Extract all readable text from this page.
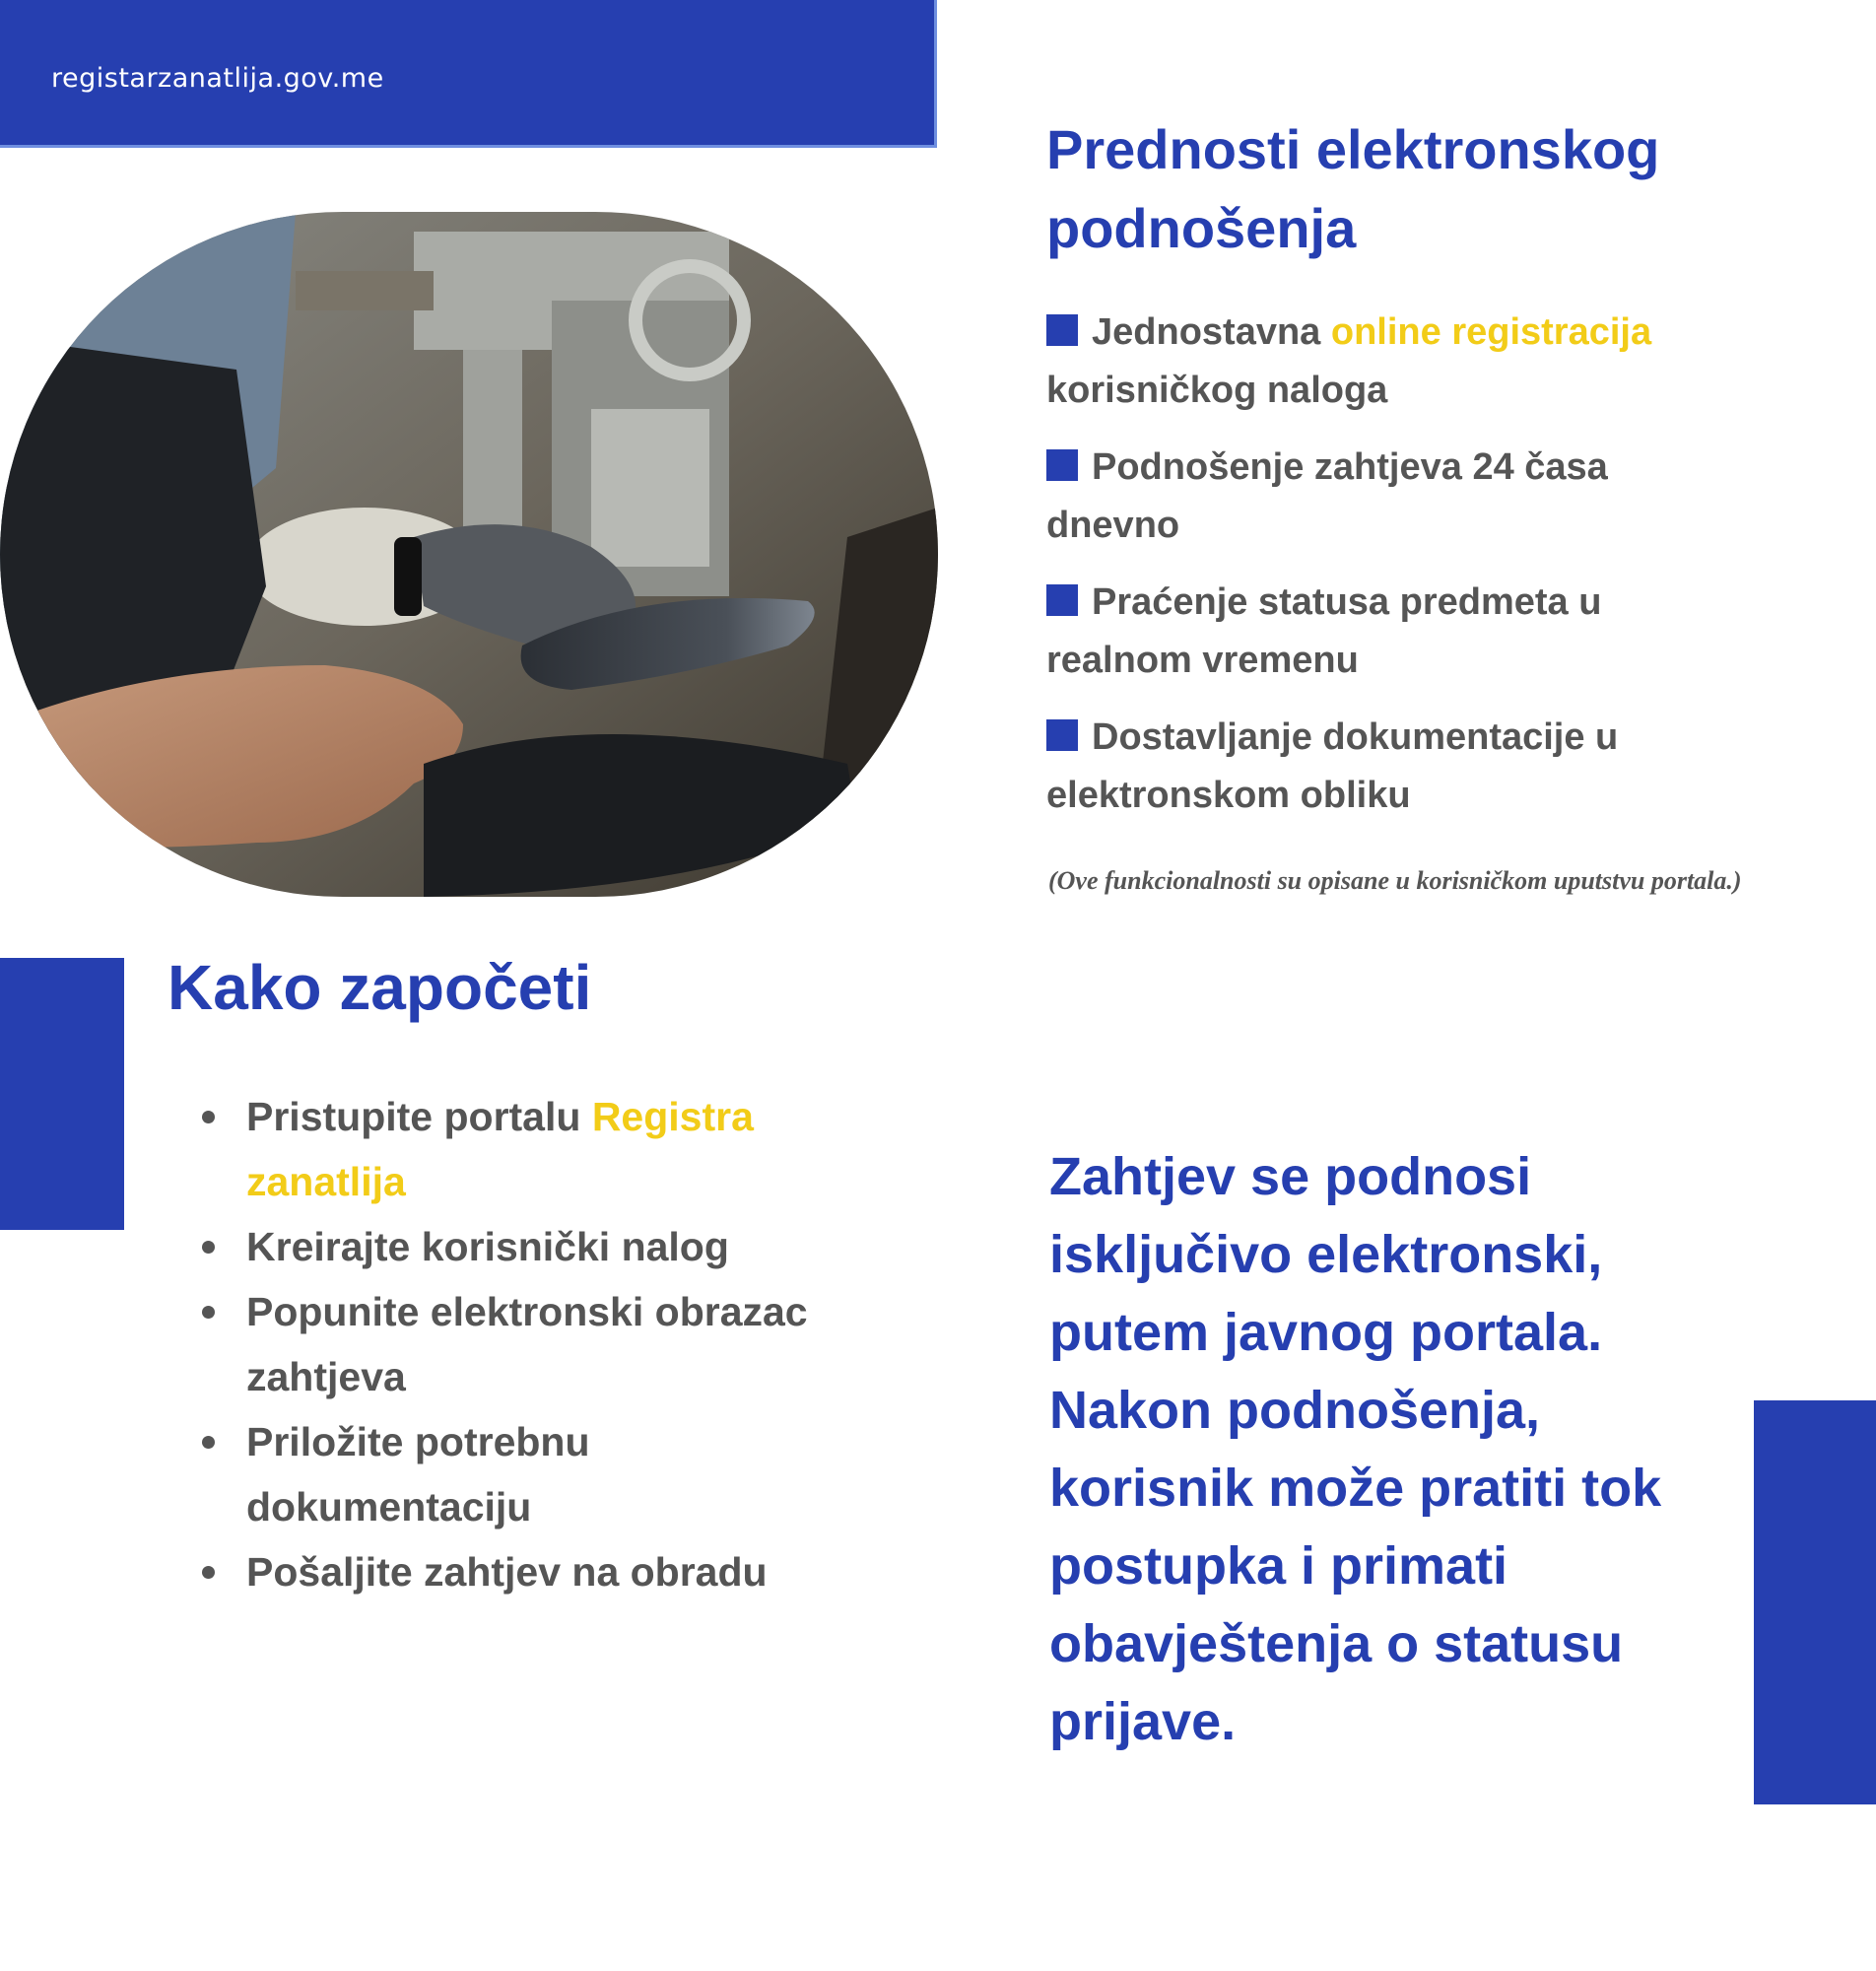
registarzanatlija.gov.me
Prednosti elektronskog podnošenja
Jednostavna online registracija korisničkog naloga
Podnošenje zahtjeva 24 časa dnevno
Praćenje statusa predmeta u realnom vremenu
Dostavljanje dokumentacije u elektronskom obliku
(Ove funkcionalnosti su opisane u korisničkom uputstvu portala.)
Kako započeti
Pristupite portalu Registra zanatlija
Kreirajte korisnički nalog
Popunite elektronski obrazac zahtjeva
Priložite potrebnu dokumentaciju
Pošaljite zahtjev na obradu

Zahtjev se podnosi isključivo elektronski, putem javnog portala. Nakon podnošenja, korisnik može pratiti tok postupka i primati obavještenja o statusu prijave.
